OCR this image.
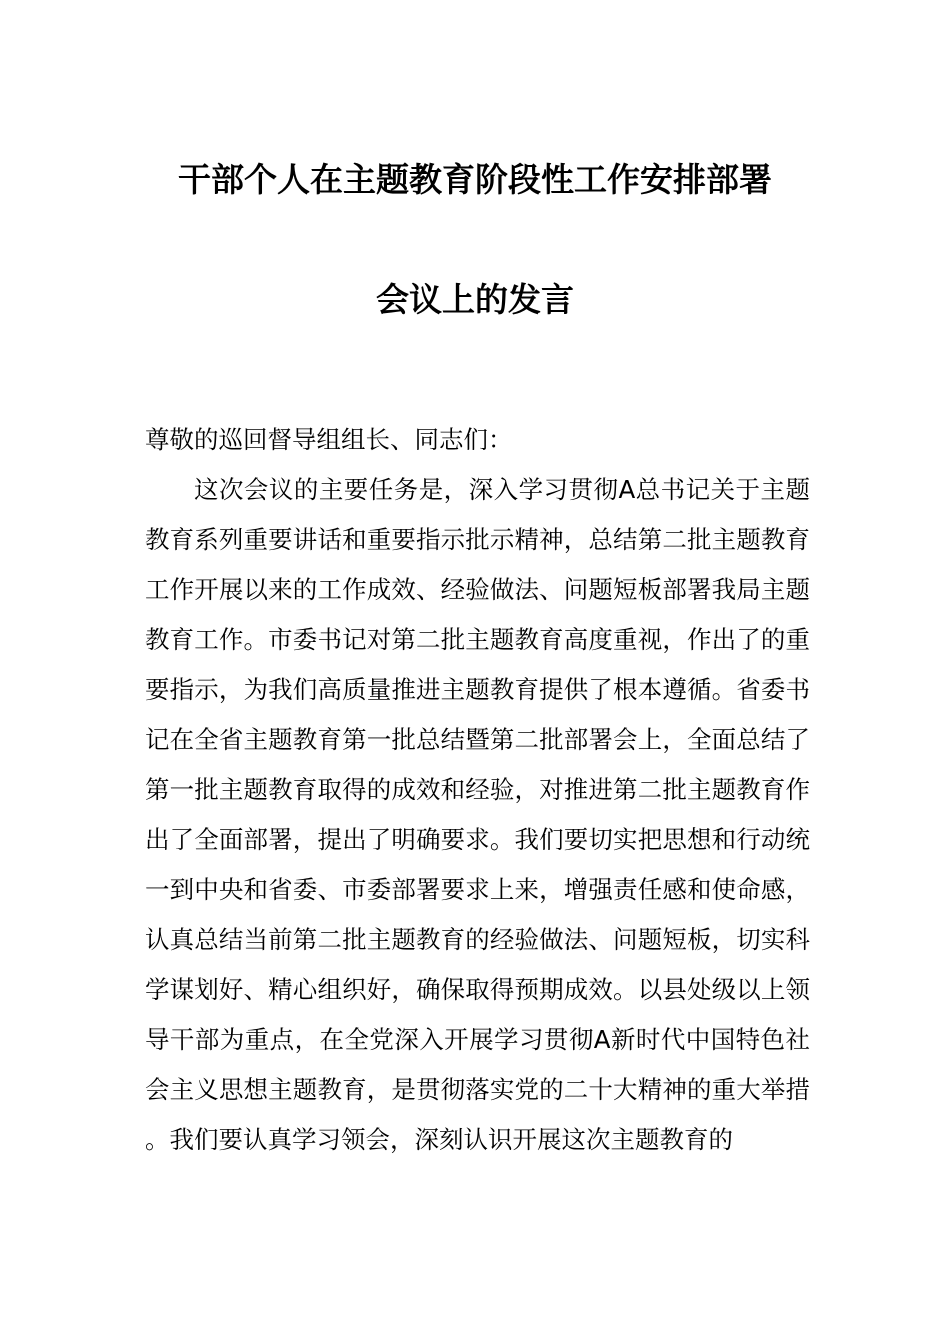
干部个人在主题教育阶段性工作安排部署
会议上的发言
尊敬的巡回督导组组长、同志们：
这次会议的主要任务是，深入学习贯彻A总书记关于主题教育系列重要讲话和重要指示批示精神，总结第二批主题教育工作开展以来的工作成效、经验做法、问题短板部署我局主题教育工作。市委书记对第二批主题教育高度重视，作出了的重要指示，为我们高质量推进主题教育提供了根本遵循。省委书记在全省主题教育第一批总结暨第二批部署会上，全面总结了第一批主题教育取得的成效和经验，对推进第二批主题教育作出了全面部署，提出了明确要求。我们要切实把思想和行动统一到中央和省委、市委部署要求上来，增强责任感和使命感，认真总结当前第二批主题教育的经验做法、问题短板，切实科学谋划好、精心组织好，确保取得预期成效。以县处级以上领导干部为重点，在全党深入开展学习贯彻A新时代中国特色社会主义思想主题教育，是贯彻落实党的二十大精神的重大举措。我们要认真学习领会，深刻认识开展这次主题教育的
